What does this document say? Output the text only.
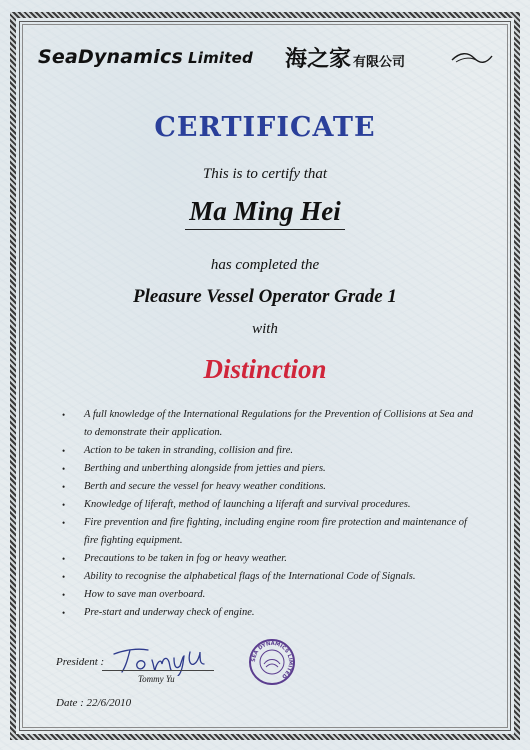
SeaDynamics Limited 海之家 有限公司
CERTIFICATE
This is to certify that
Ma Ming Hei
has completed the
Pleasure Vessel Operator Grade 1
with
Distinction
• A full knowledge of the International Regulations for the Prevention of Collisions at Sea and to demonstrate their application.
• Action to be taken in stranding, collision and fire.
• Berthing and unberthing alongside from jetties and piers.
• Berth and secure the vessel for heavy weather conditions.
• Knowledge of liferaft, method of launching a liferaft and survival procedures.
• Fire prevention and fire fighting, including engine room fire protection and maintenance of fire fighting equipment.
• Precautions to be taken in fog or heavy weather.
• Ability to recognise the alphabetical flags of the International Code of Signals.
• How to save man overboard.
• Pre-start and underway check of engine.
President :
Tommy Yu
SEA DYNAMICS LIMITED
Date : 22/6/2010
